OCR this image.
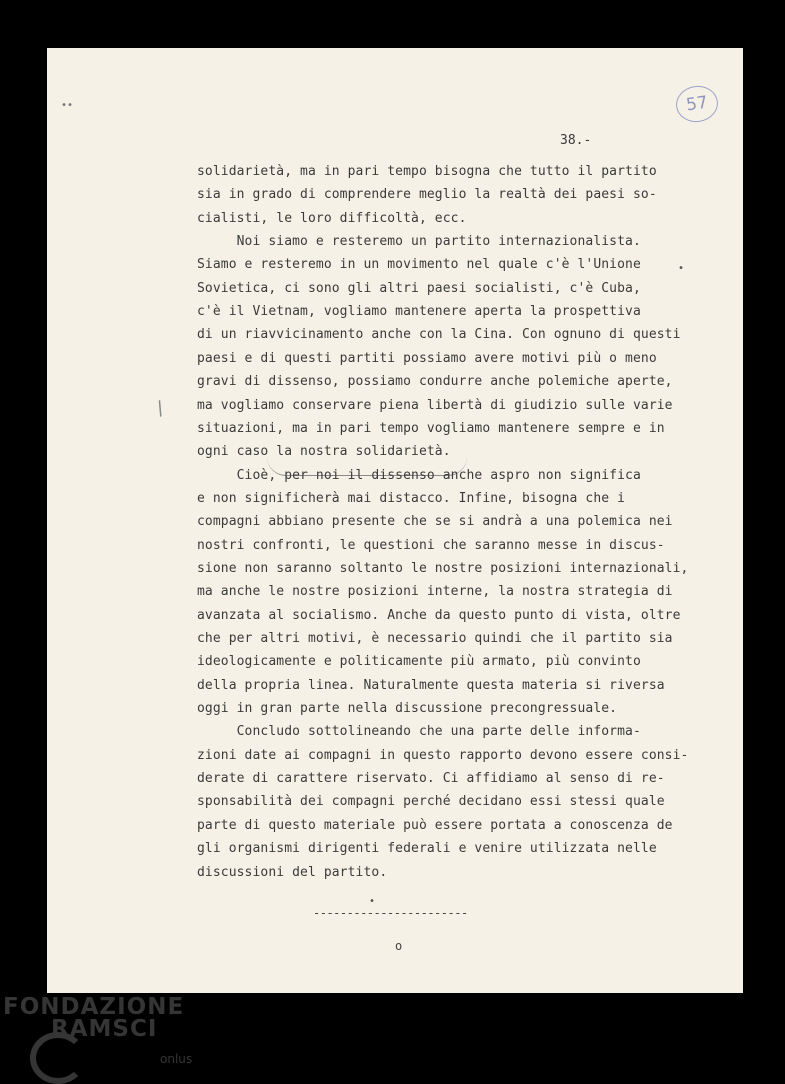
••	57
38.-
/
•
•
solidarietà, ma in pari tempo bisogna che tutto il partito
sia in grado di comprendere meglio la realtà dei paesi so-
cialisti, le loro difficoltà, ecc.
Noi siamo e resteremo un partito internazionalista.
Siamo e resteremo in un movimento nel quale c'è l'Unione
Sovietica, ci sono gli altri paesi socialisti, c'è Cuba,
c'è il Vietnam, vogliamo mantenere aperta la prospettiva
di un riavvicinamento anche con la Cina. Con ognuno di questi
paesi e di questi partiti possiamo avere motivi più o meno
gravi di dissenso, possiamo condurre anche polemiche aperte,
ma vogliamo conservare piena libertà di giudizio sulle varie
situazioni, ma in pari tempo vogliamo mantenere sempre e in
ogni caso la nostra solidarietà.
Cioè, per noi il dissenso anche aspro non significa
e non significherà mai distacco. Infine, bisogna che i
compagni abbiano presente che se si andrà a una polemica nei
nostri confronti, le questioni che saranno messe in discus-
sione non saranno soltanto le nostre posizioni internazionali,
ma anche le nostre posizioni interne, la nostra strategia di
avanzata al socialismo. Anche da questo punto di vista, oltre
che per altri motivi, è necessario quindi che il partito sia
ideologicamente e politicamente più armato, più convinto
della propria linea. Naturalmente questa materia si riversa
oggi in gran parte nella discussione precongressuale.
Concludo sottolineando che una parte delle informa-
zioni date ai compagni in questo rapporto devono essere consi-
derate di carattere riservato. Ci affidiamo al senso di re-
sponsabilità dei compagni perché decidano essi stessi quale
parte di questo materiale può essere portata a conoscenza de
gli organismi dirigenti federali e venire utilizzata nelle
discussioni del partito.
-----------------------
o
FONDAZIONE
RAMSCI
onlus
